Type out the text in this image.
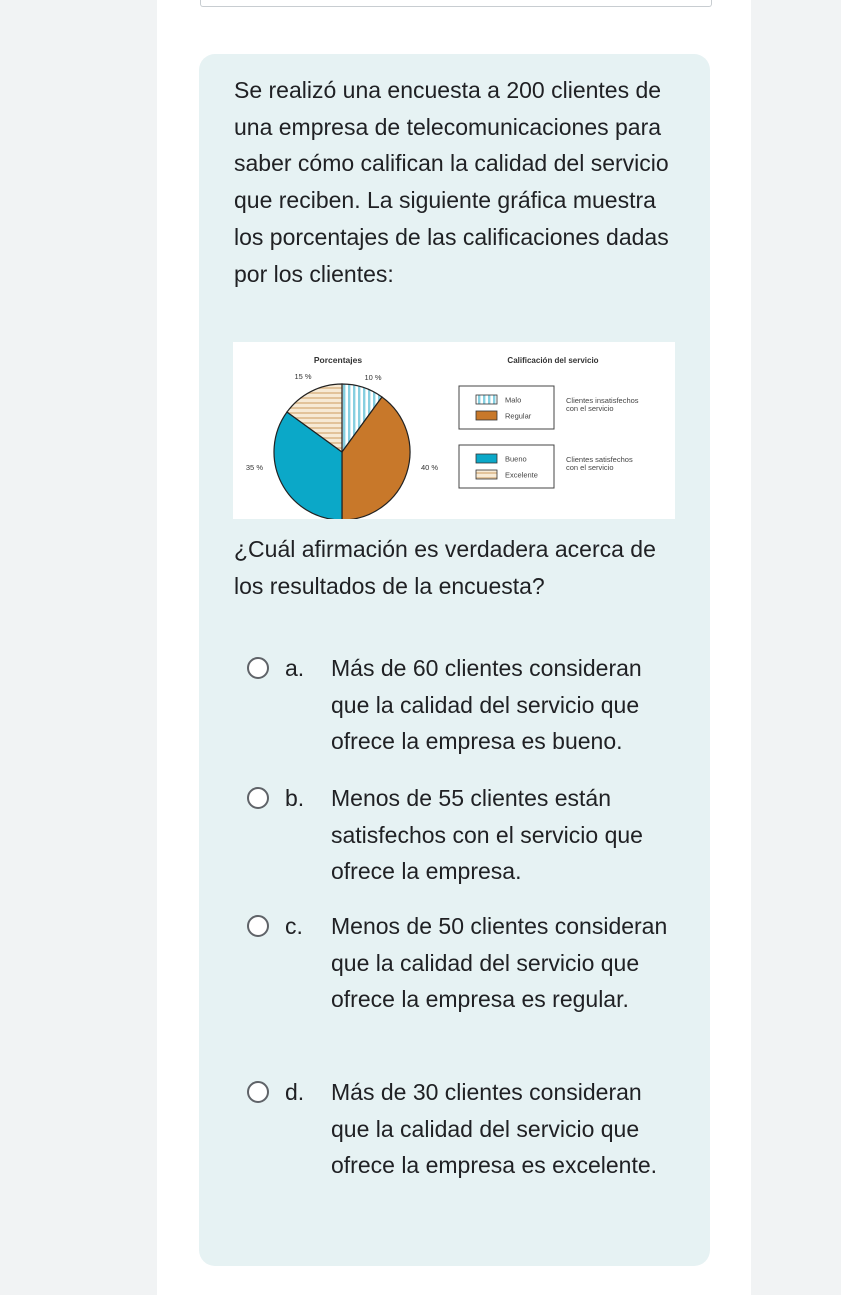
Se realizó una encuesta a 200 clientes de una empresa de telecomunicaciones para saber cómo califican la calidad del servicio que reciben. La siguiente gráfica muestra los porcentajes de las calificaciones dadas por los clientes:
Porcentajes
10 %
40 %
35 %
15 %
Calificación del servicio
Malo
Regular
Clientes insatisfechos
con el servicio
Bueno
Excelente
Clientes satisfechos
con el servicio
¿Cuál afirmación es verdadera acerca de los resultados de la encuesta?
a. Más de 60 clientes consideran que la calidad del servicio que ofrece la empresa es bueno.
b. Menos de 55 clientes están satisfechos con el servicio que ofrece la empresa.
c. Menos de 50 clientes consideran que la calidad del servicio que ofrece la empresa es regular.
d. Más de 30 clientes consideran que la calidad del servicio que ofrece la empresa es excelente.
